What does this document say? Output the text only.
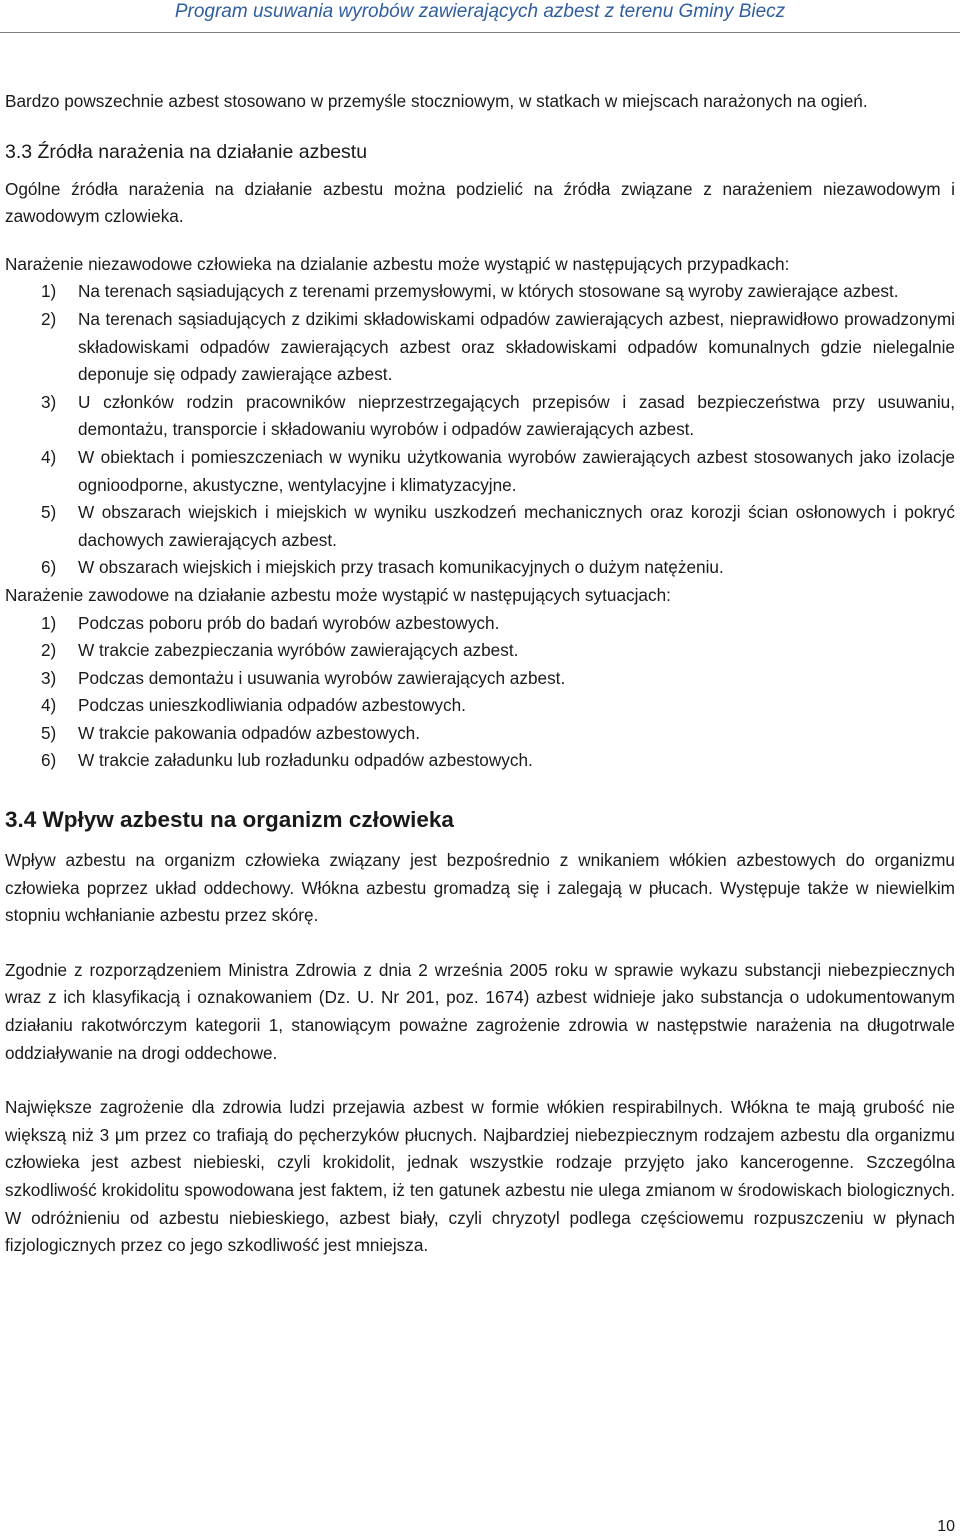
Program usuwania wyrobów zawierających azbest z terenu Gminy Biecz

Bardzo powszechnie azbest stosowano w przemyśle stoczniowym, w statkach w miejscach narażonych na ogień.

3.3 Źródła narażenia na działanie azbestu

Ogólne źródła narażenia na działanie azbestu można podzielić na źródła związane z narażeniem niezawodowym i zawodowym czlowieka.

Narażenie niezawodowe człowieka na dzialanie azbestu może wystąpić w następujących przypadkach:

1) Na terenach sąsiadujących z terenami przemysłowymi, w których stosowane są wyroby zawierające azbest.
2) Na terenach sąsiadujących z dzikimi składowiskami odpadów zawierających azbest, nieprawidłowo prowadzonymi składowiskami odpadów zawierających azbest oraz składowiskami odpadów komunalnych gdzie nielegalnie deponuje się odpady zawierające azbest.
3) U członków rodzin pracowników nieprzestrzegających przepisów i zasad bezpieczeństwa przy usuwaniu, demontażu, transporcie i składowaniu wyrobów i odpadów zawierających azbest.
4) W obiektach i pomieszczeniach w wyniku użytkowania wyrobów zawierających azbest stosowanych jako izolacje ognioodporne, akustyczne, wentylacyjne i klimatyzacyjne.
5) W obszarach wiejskich i miejskich w wyniku uszkodzeń mechanicznych oraz korozji ścian osłonowych i pokryć dachowych zawierających azbest.
6) W obszarach wiejskich i miejskich przy trasach komunikacyjnych o dużym natężeniu.

Narażenie zawodowe na działanie azbestu może wystąpić w następujących sytuacjach:

1) Podczas poboru prób do badań wyrobów azbestowych.
2) W trakcie zabezpieczania wyróbów zawierających azbest.
3) Podczas demontażu i usuwania wyrobów zawierających azbest.
4) Podczas unieszkodliwiania odpadów azbestowych.
5) W trakcie pakowania odpadów azbestowych.
6) W trakcie załadunku lub rozładunku odpadów azbestowych.
3.4 Wpływ azbestu na organizm człowieka

Wpływ azbestu na organizm człowieka związany jest bezpośrednio z wnikaniem włókien azbestowych do organizmu człowieka poprzez układ oddechowy. Włókna azbestu gromadzą się i zalegają w płucach. Występuje także w niewielkim stopniu wchłanianie azbestu przez skórę.

Zgodnie z rozporządzeniem Ministra Zdrowia z dnia 2 września 2005 roku w sprawie wykazu substancji niebezpiecznych wraz z ich klasyfikacją i oznakowaniem (Dz. U. Nr 201, poz. 1674) azbest widnieje jako substancja o udokumentowanym działaniu rakotwórczym kategorii 1, stanowiącym poważne zagrożenie zdrowia w następstwie narażenia na długotrwale oddziaływanie na drogi oddechowe.

Największe zagrożenie dla zdrowia ludzi przejawia azbest w formie włókien respirabilnych. Włókna te mają grubość nie większą niż 3 μm przez co trafiają do pęcherzyków płucnych. Najbardziej niebezpiecznym rodzajem azbestu dla organizmu człowieka jest azbest niebieski, czyli krokidolit, jednak wszystkie rodzaje przyjęto jako kancerogenne. Szczególna szkodliwość krokidolitu spowodowana jest faktem, iż ten gatunek azbestu nie ulega zmianom w środowiskach biologicznych. W odróżnieniu od azbestu niebieskiego, azbest biały, czyli chryzotyl podlega częściowemu rozpuszczeniu w płynach fizjologicznych przez co jego szkodliwość jest mniejsza.

10
